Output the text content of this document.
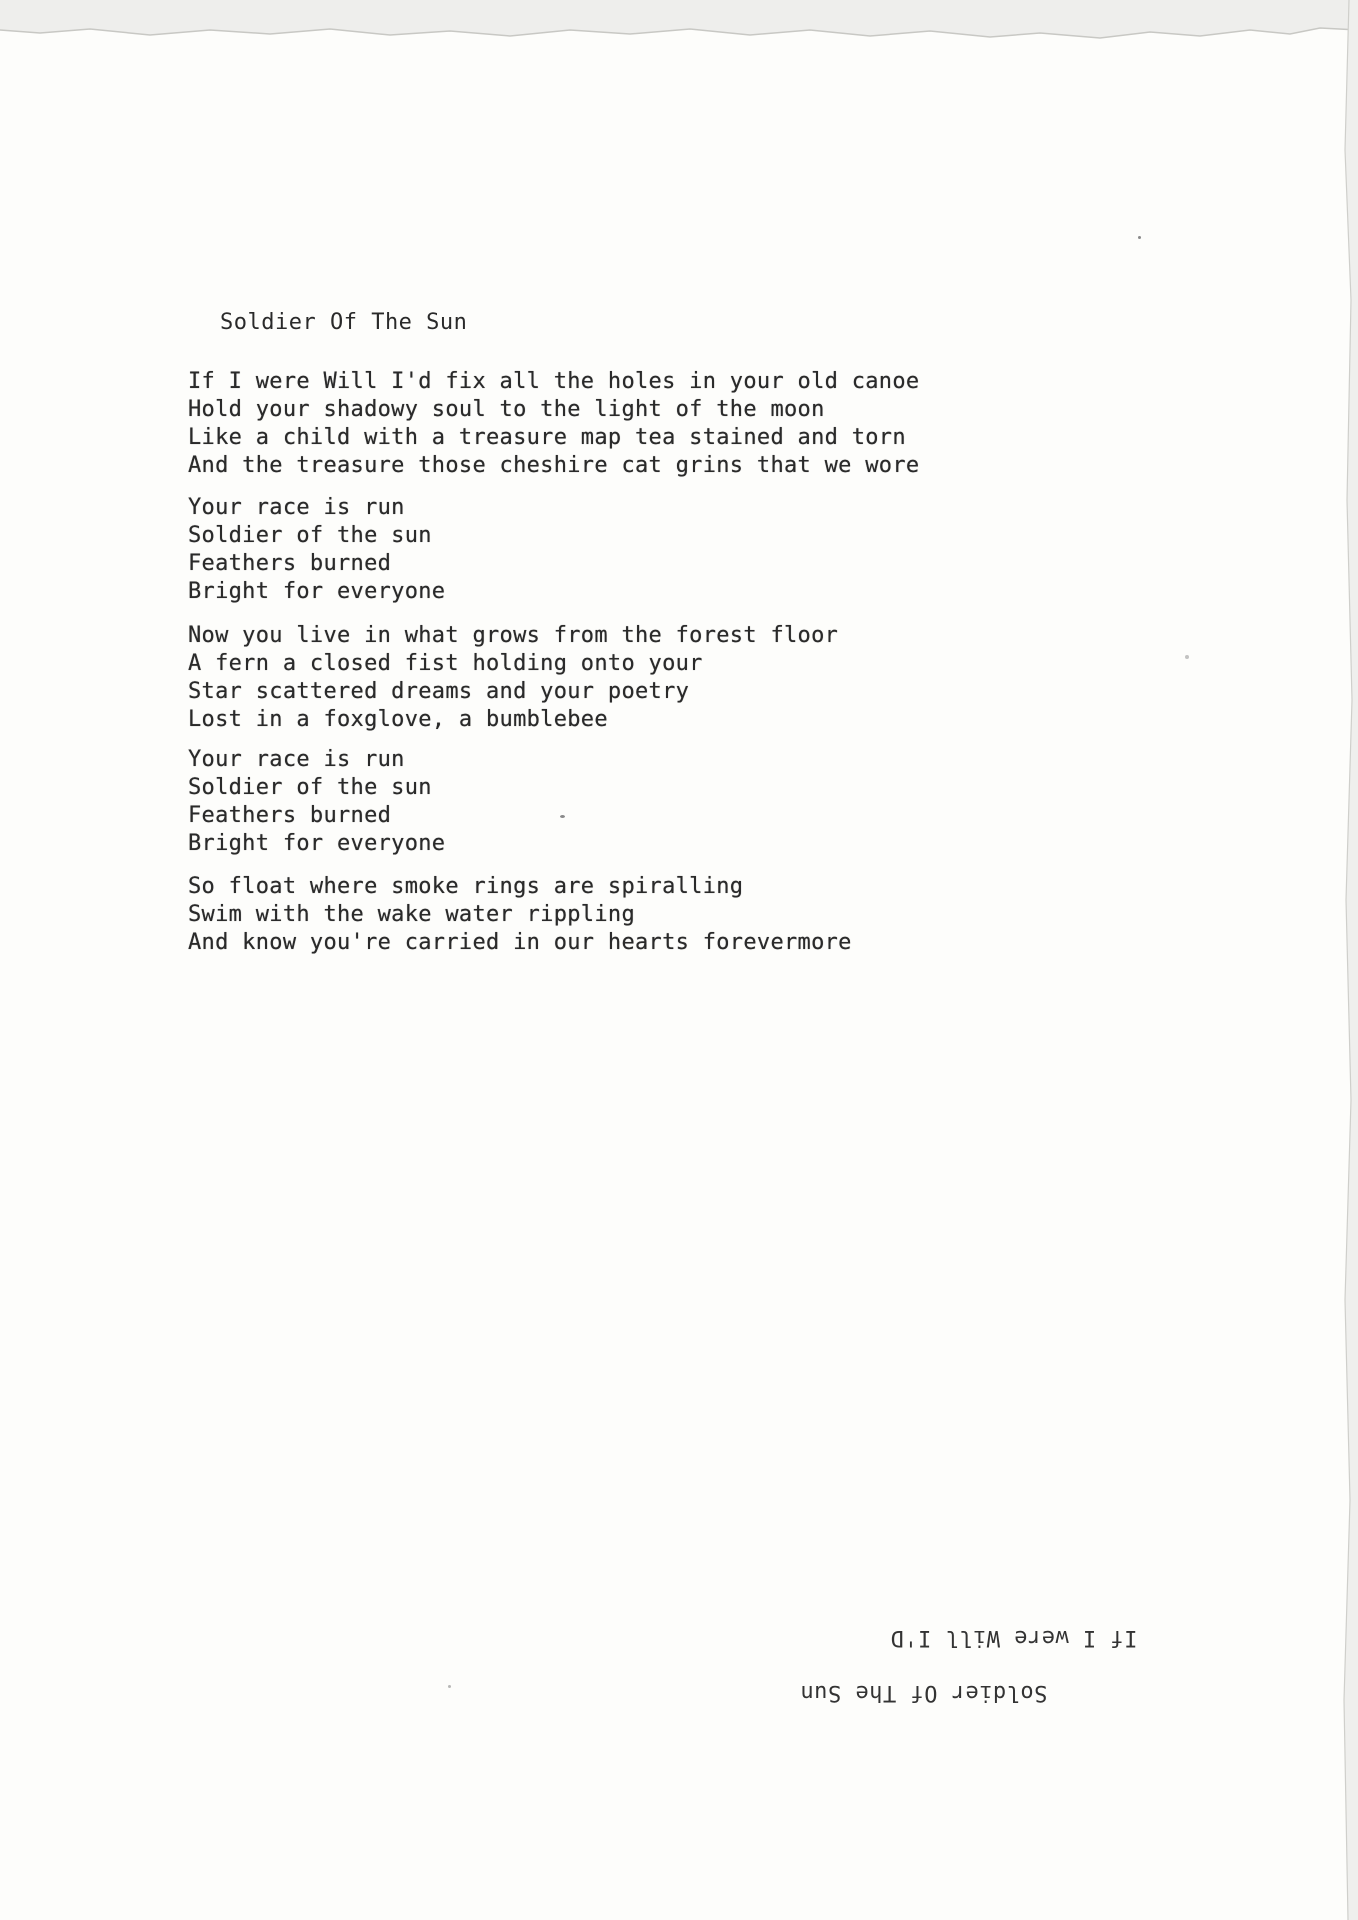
Soldier Of The Sun
If I were Will I'd fix all the holes in your old canoe
Hold your shadowy soul to the light of the moon
Like a child with a treasure map tea stained and torn
And the treasure those cheshire cat grins that we wore
Your race is run
Soldier of the sun
Feathers burned
Bright for everyone
Now you live in what grows from the forest floor
A fern a closed fist holding onto your
Star scattered dreams and your poetry
Lost in a foxglove, a bumblebee
Your race is run
Soldier of the sun
Feathers burned
Bright for everyone
So float where smoke rings are spiralling
Swim with the wake water rippling
And know you're carried in our hearts forevermore
If I were Will I'D
Soldier Of The Sun
